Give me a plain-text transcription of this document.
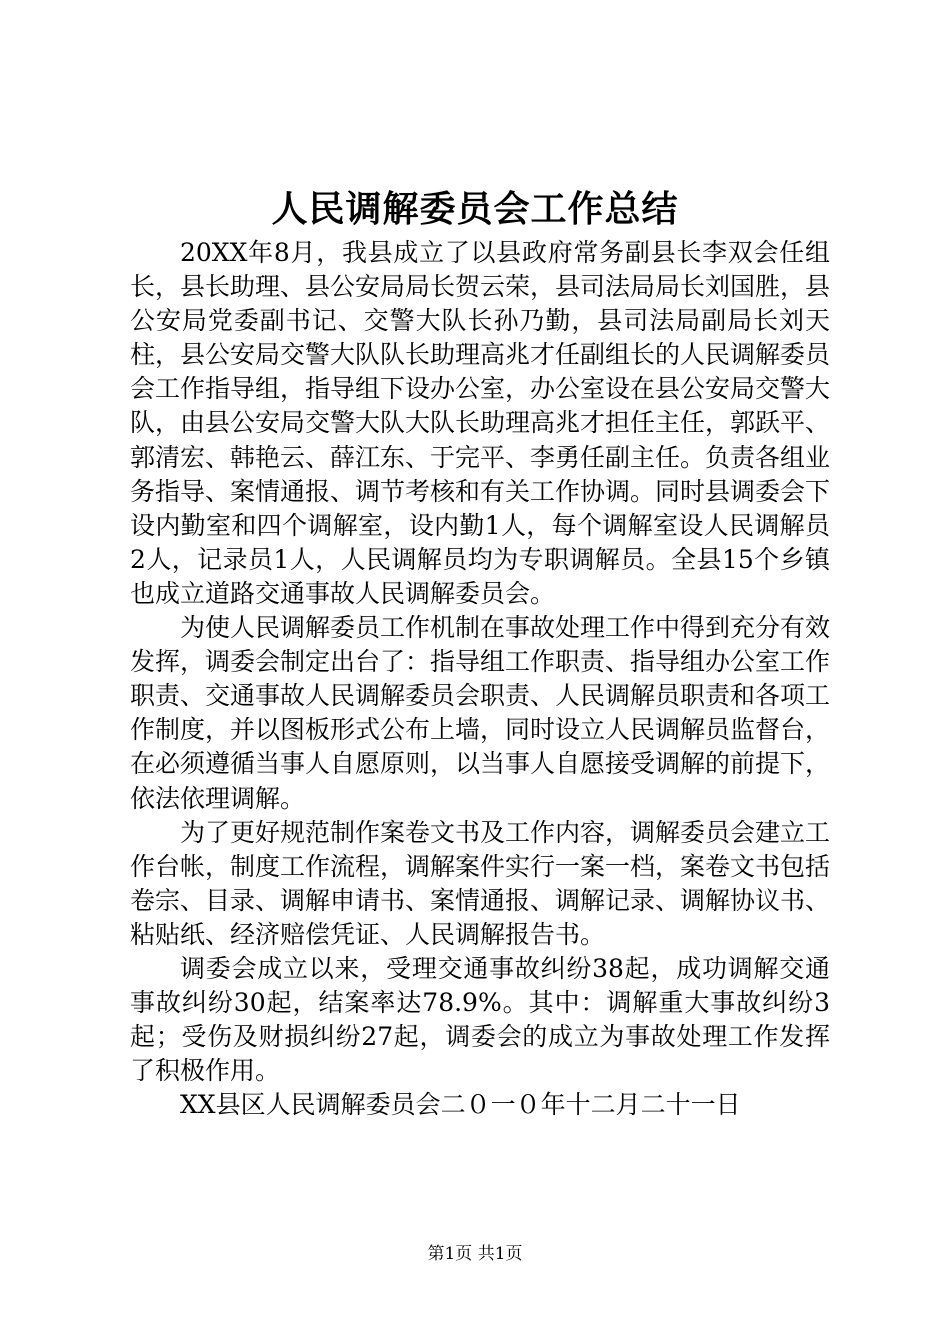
人民调解委员会工作总结

20XX年8月，我县成立了以县政府常务副县长李双会任组长，县长助理、县公安局局长贺云荣，县司法局局长刘国胜，县公安局党委副书记、交警大队长孙乃勤，县司法局副局长刘天柱，县公安局交警大队队长助理高兆才任副组长的人民调解委员会工作指导组，指导组下设办公室，办公室设在县公安局交警大队，由县公安局交警大队大队长助理高兆才担任主任，郭跃平、郭清宏、韩艳云、薛江东、于完平、李勇任副主任。负责各组业务指导、案情通报、调节考核和有关工作协调。同时县调委会下设内勤室和四个调解室，设内勤1人，每个调解室设人民调解员2人，记录员1人，人民调解员均为专职调解员。全县15个乡镇也成立道路交通事故人民调解委员会。

为使人民调解委员工作机制在事故处理工作中得到充分有效发挥，调委会制定出台了：指导组工作职责、指导组办公室工作职责、交通事故人民调解委员会职责、人民调解员职责和各项工作制度，并以图板形式公布上墙，同时设立人民调解员监督台，在必须遵循当事人自愿原则，以当事人自愿接受调解的前提下，依法依理调解。

为了更好规范制作案卷文书及工作内容，调解委员会建立工作台帐，制度工作流程，调解案件实行一案一档，案卷文书包括卷宗、目录、调解申请书、案情通报、调解记录、调解协议书、粘贴纸、经济赔偿凭证、人民调解报告书。

调委会成立以来，受理交通事故纠纷38起，成功调解交通事故纠纷30起，结案率达78.9%。其中：调解重大事故纠纷3起；受伤及财损纠纷27起，调委会的成立为事故处理工作发挥了积极作用。

XX县区人民调解委员会二０一０年十二月二十一日

第1页 共1页
